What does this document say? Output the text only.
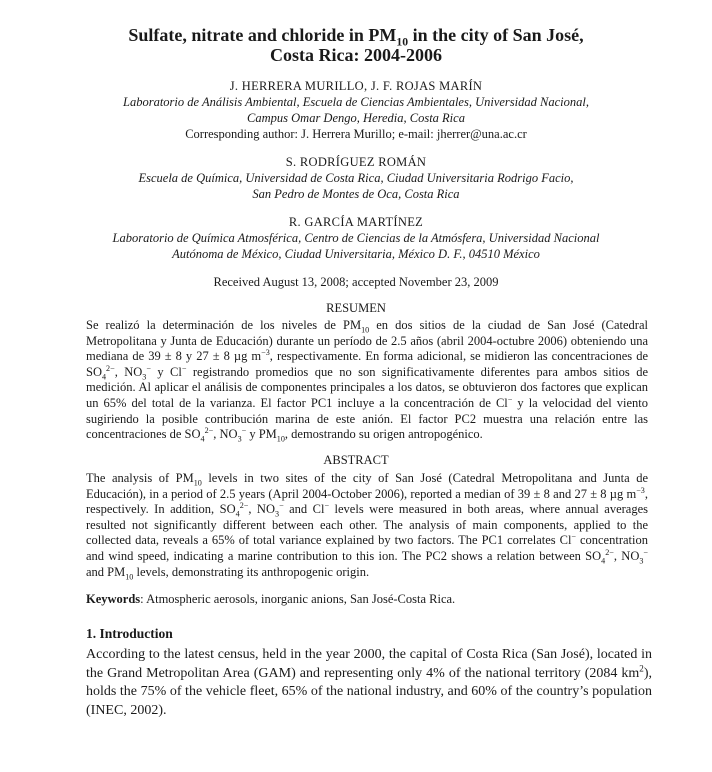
Sulfate, nitrate and chloride in $PM_{10}$ in the city of San José,
Costa Rica: 2004-2006
J. HERRERA MURILLO, J. F. ROJAS MARÍN
Laboratorio de Análisis Ambiental, Escuela de Ciencias Ambientales, Universidad Nacional,
Campus Omar Dengo, Heredia, Costa Rica
Corresponding author: J. Herrera Murillo; e-mail: jherrer@una.ac.cr
S. RODRÍGUEZ ROMÁN
Escuela de Química, Universidad de Costa Rica, Ciudad Universitaria Rodrigo Facio,
San Pedro de Montes de Oca, Costa Rica
R. GARCÍA MARTÍNEZ
Laboratorio de Química Atmosférica, Centro de Ciencias de la Atmósfera, Universidad Nacional
Autónoma de México, Ciudad Universitaria, México D. F., 04510 México
Received August 13, 2008; accepted November 23, 2009
RESUMEN
Se realizó la determinación de los niveles de $PM_{10}$ en dos sitios de la ciudad de San José (Catedral Metropolitana y Junta de Educación) durante un período de 2.5 años (abril 2004-octubre 2006) obteniendo una mediana de 39 ± 8 y 27 ± 8 µg $m^{-3}$, respectivamente. En forma adicional, se midieron las concentraciones de $SO_4^{2-}$, $NO_3^-$ y Cl− registrando promedios que no son significativamente diferentes para ambos sitios de medición. Al aplicar el análisis de componentes principales a los datos, se obtuvieron dos factores que explican un 65% del total de la varianza. El factor PC1 incluye a la concentración de Cl− y la velocidad del viento sugiriendo la posible contribución marina de este anión. El factor PC2 muestra una relación entre las concentraciones de $SO_4^{2-}$, $NO_3^-$ y $PM_{10}$, demostrando su origen antropogénico.
ABSTRACT
The analysis of $PM_{10}$ levels in two sites of the city of San José (Catedral Metropolitana and Junta de Educación), in a period of 2.5 years (April 2004-October 2006), reported a median of 39 ± 8 and 27 ± 8 µg $m^{-3}$, respectively. In addition, $SO_4^{2-}$, $NO_3^-$ and Cl− levels were measured in both areas, where annual averages resulted not significantly different between each other. The analysis of main components, applied to the collected data, reveals a 65% of total variance explained by two factors. The PC1 correlates Cl− concentration and wind speed, indicating a marine contribution to this ion. The PC2 shows a relation between $SO_4^{2-}$, $NO_3^-$ and $PM_{10}$ levels, demonstrating its anthropogenic origin.
Keywords: Atmospheric aerosols, inorganic anions, San José-Costa Rica.
1. Introduction
According to the latest census, held in the year 2000, the capital of Costa Rica (San José), located in the Grand Metropolitan Area (GAM) and representing only 4% of the national territory (2084 $km^2$), holds the 75% of the vehicle fleet, 65% of the national industry, and 60% of the country’s population (INEC, 2002).
